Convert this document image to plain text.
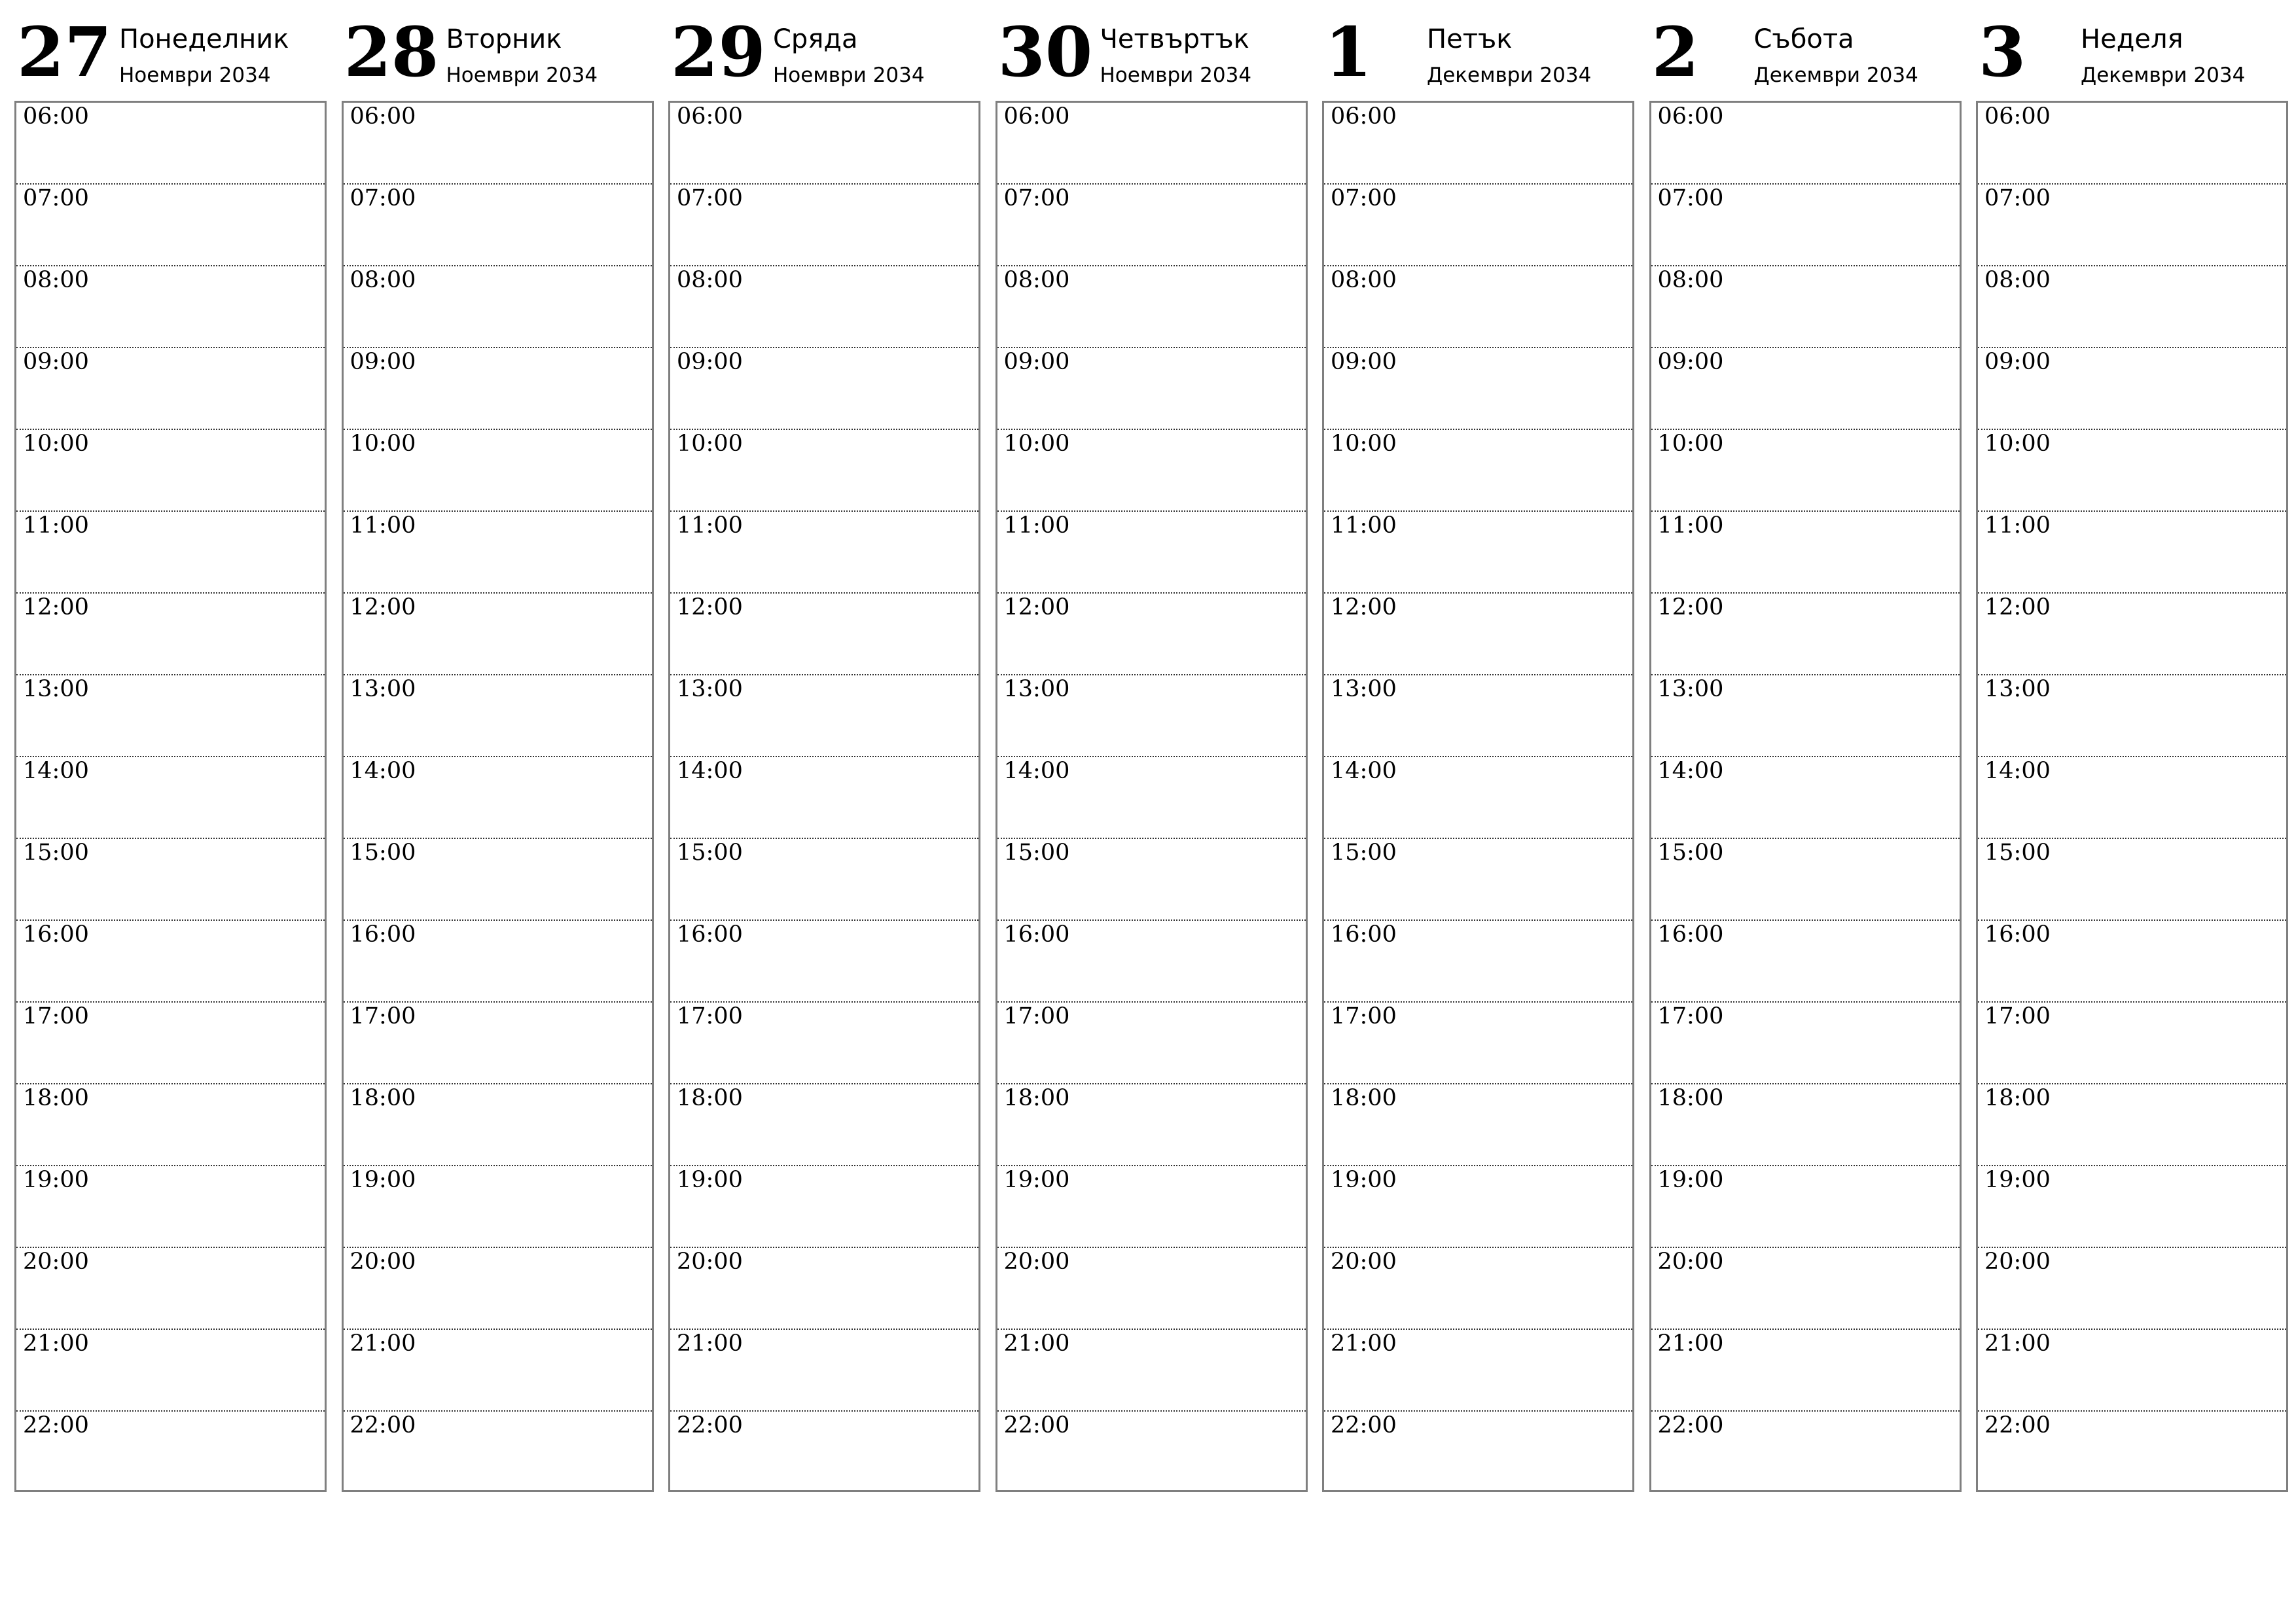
27 Понеделник
Ноември 2034
06:00
07:00
08:00
09:00
10:00
11:00
12:00
13:00
14:00
15:00
16:00
17:00
18:00
19:00
20:00
21:00
22:00
28 Вторник
Ноември 2034
06:00
07:00
08:00
09:00
10:00
11:00
12:00
13:00
14:00
15:00
16:00
17:00
18:00
19:00
20:00
21:00
22:00
29 Сряда
Ноември 2034
06:00
07:00
08:00
09:00
10:00
11:00
12:00
13:00
14:00
15:00
16:00
17:00
18:00
19:00
20:00
21:00
22:00
30 Четвъртък
Ноември 2034
06:00
07:00
08:00
09:00
10:00
11:00
12:00
13:00
14:00
15:00
16:00
17:00
18:00
19:00
20:00
21:00
22:00
1 Петък
Декември 2034
06:00
07:00
08:00
09:00
10:00
11:00
12:00
13:00
14:00
15:00
16:00
17:00
18:00
19:00
20:00
21:00
22:00
2 Събота
Декември 2034
06:00
07:00
08:00
09:00
10:00
11:00
12:00
13:00
14:00
15:00
16:00
17:00
18:00
19:00
20:00
21:00
22:00
3 Неделя
Декември 2034
06:00
07:00
08:00
09:00
10:00
11:00
12:00
13:00
14:00
15:00
16:00
17:00
18:00
19:00
20:00
21:00
22:00
